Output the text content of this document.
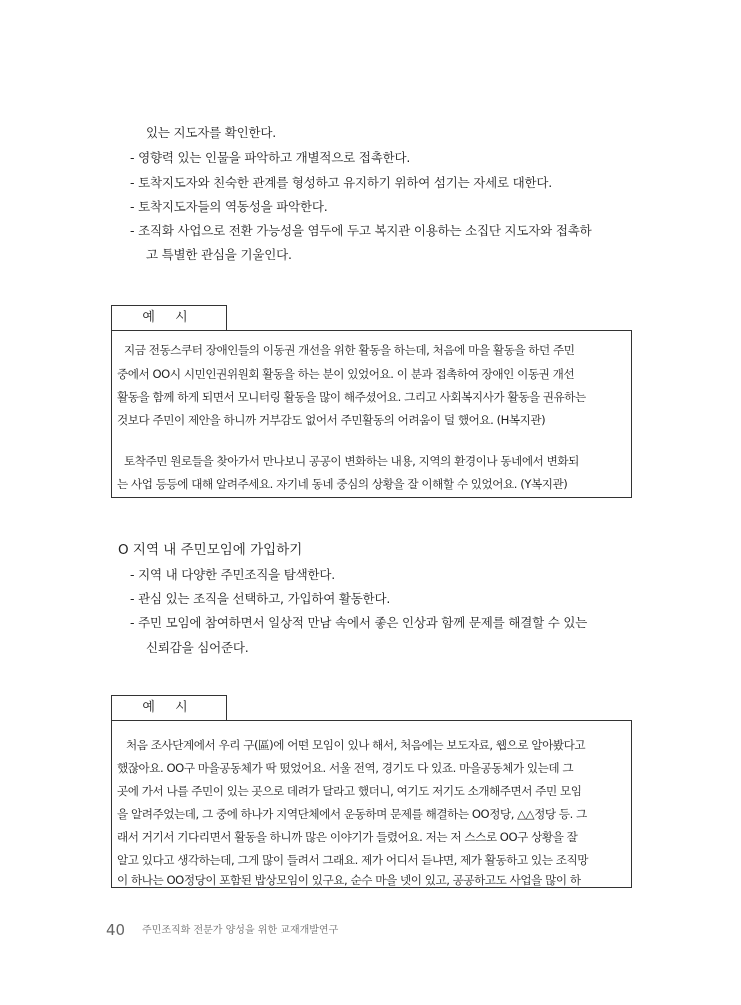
있는 지도자를 확인한다.
- 영향력 있는 인물을 파악하고 개별적으로 접촉한다.
- 토착지도자와 친숙한 관계를 형성하고 유지하기 위하여 섬기는 자세로 대한다.
- 토착지도자들의 역동성을 파악한다.
- 조직화 사업으로 전환 가능성을 염두에 두고 복지관 이용하는 소집단 지도자와 접촉하
고 특별한 관심을 기울인다.
예 시
지금 전동스쿠터 장애인들의 이동권 개선을 위한 활동을 하는데, 처음에 마을 활동을 하던 주민
중에서 OO시 시민인권위원회 활동을 하는 분이 있었어요. 이 분과 접촉하여 장애인 이동권 개선
활동을 함께 하게 되면서 모니터링 활동을 많이 해주셨어요. 그리고 사회복지사가 활동을 권유하는
것보다 주민이 제안을 하니까 거부감도 없어서 주민활동의 어려움이 덜 했어요. (H복지관)
토착주민 원로들을 찾아가서 만나보니 공공이 변화하는 내용, 지역의 환경이나 동네에서 변화되
는 사업 등등에 대해 알려주세요. 자기네 동네 중심의 상황을 잘 이해할 수 있었어요. (Y복지관)
O 지역 내 주민모임에 가입하기
- 지역 내 다양한 주민조직을 탐색한다.
- 관심 있는 조직을 선택하고, 가입하여 활동한다.
- 주민 모임에 참여하면서 일상적 만남 속에서 좋은 인상과 함께 문제를 해결할 수 있는
신뢰감을 심어준다.
예 시
처음 조사단계에서 우리 구(區)에 어떤 모임이 있나 해서, 처음에는 보도자료, 웹으로 알아봤다고
했잖아요. OO구 마을공동체가 딱 떴었어요. 서울 전역, 경기도 다 있죠. 마을공동체가 있는데 그
곳에 가서 나를 주민이 있는 곳으로 데려가 달라고 했더니, 여기도 저기도 소개해주면서 주민 모임
을 알려주었는데, 그 중에 하나가 지역단체에서 운동하며 문제를 해결하는 OO정당, △△정당 등. 그
래서 거기서 기다리면서 활동을 하니까 많은 이야기가 들렸어요. 저는 저 스스로 OO구 상황을 잘
알고 있다고 생각하는데, 그게 많이 들려서 그래요. 제가 어디서 듣냐면, 제가 활동하고 있는 조직망
이 하나는 OO정당이 포함된 밥상모임이 있구요, 순수 마을 넷이 있고, 공공하고도 사업을 많이 하
40 주민조직화 전문가 양성을 위한 교재개발연구
